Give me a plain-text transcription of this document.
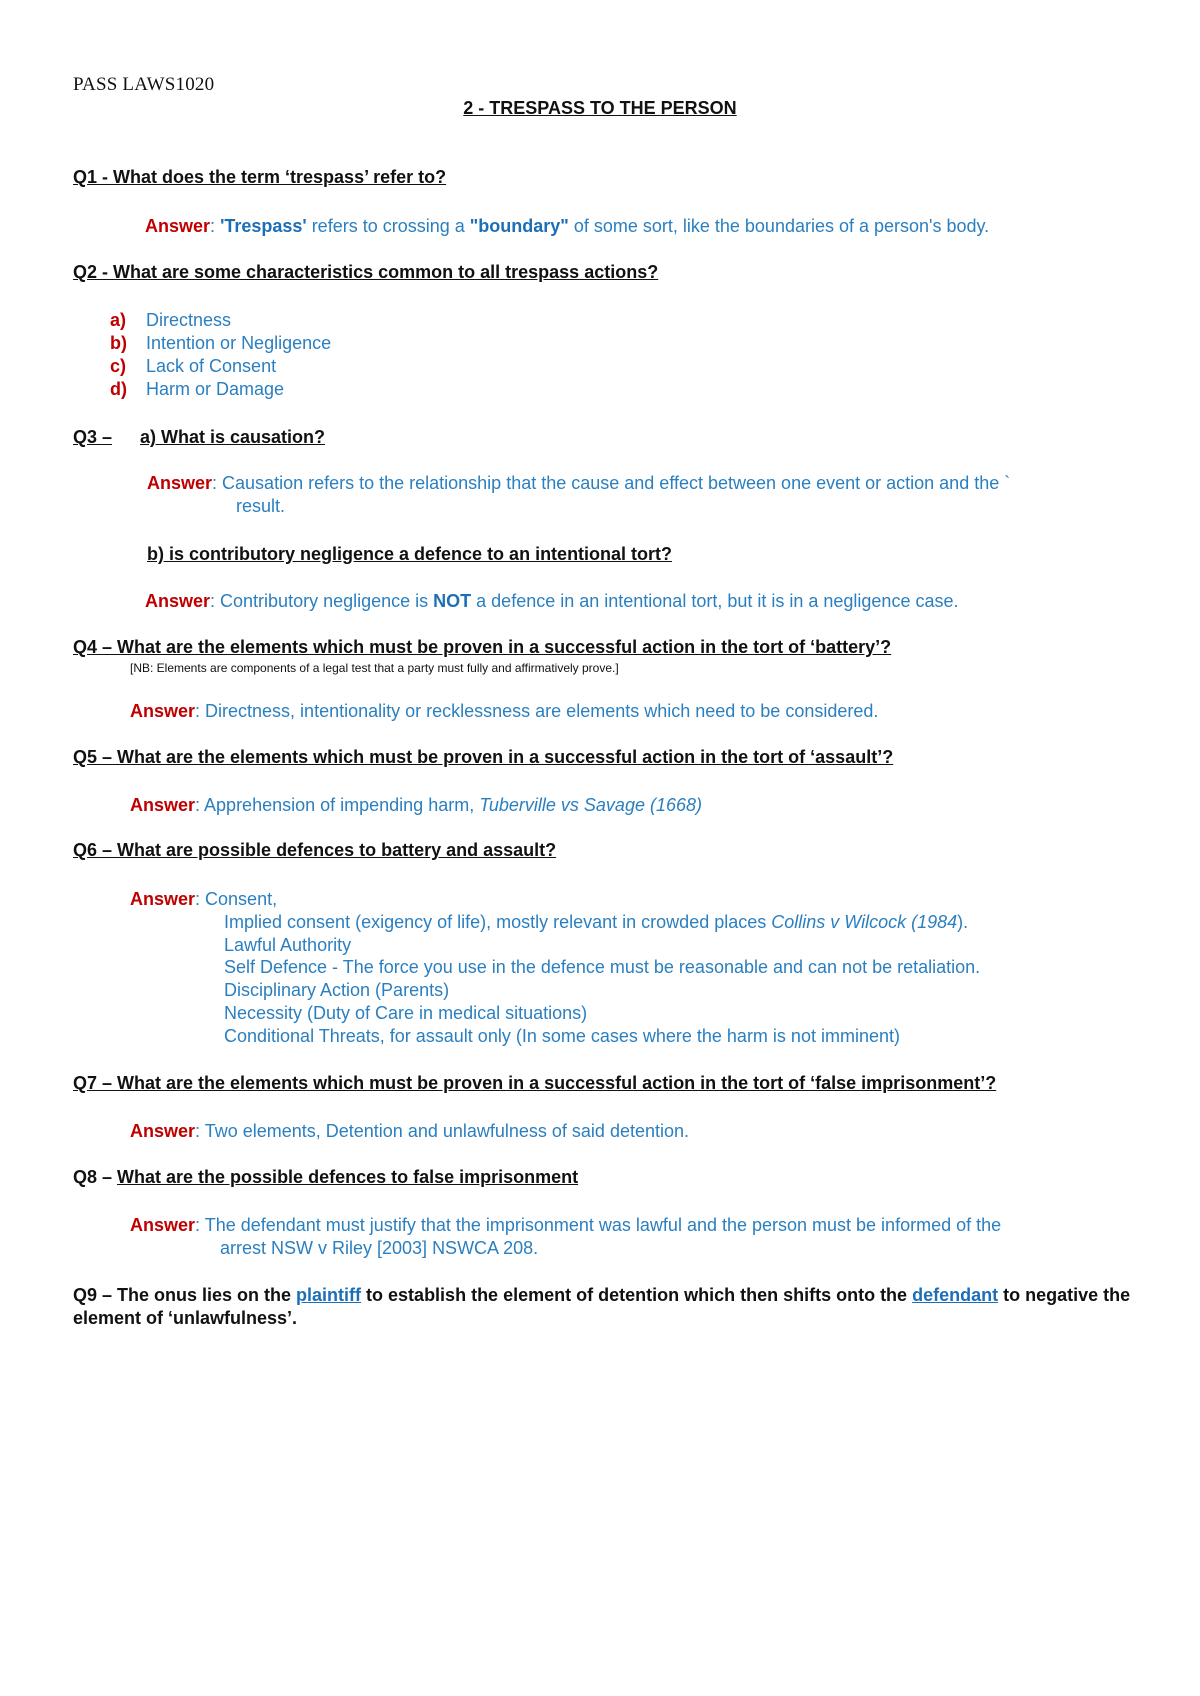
PASS LAWS1020
2 - TRESPASS TO THE PERSON
Q1 - What does the term ‘trespass’ refer to?
Answer: 'Trespass' refers to crossing a "boundary" of some sort, like the boundaries of a person's body.
Q2 - What are some characteristics common to all trespass actions?
a) Directness
b) Intention or Negligence
c) Lack of Consent
d) Harm or Damage
Q3 – a) What is causation?
Answer: Causation refers to the relationship that the cause and effect between one event or action and the `
result.
b) is contributory negligence a defence to an intentional tort?
Answer: Contributory negligence is NOT a defence in an intentional tort, but it is in a negligence case.
Q4 – What are the elements which must be proven in a successful action in the tort of ‘battery’?
[NB: Elements are components of a legal test that a party must fully and affirmatively prove.]
Answer: Directness, intentionality or recklessness are elements which need to be considered.
Q5 – What are the elements which must be proven in a successful action in the tort of ‘assault’?
Answer: Apprehension of impending harm, Tuberville vs Savage (1668)
Q6 – What are possible defences to battery and assault?
Answer: Consent,
Implied consent (exigency of life), mostly relevant in crowded places Collins v Wilcock (1984).
Lawful Authority
Self Defence - The force you use in the defence must be reasonable and can not be retaliation.
Disciplinary Action (Parents)
Necessity (Duty of Care in medical situations)
Conditional Threats, for assault only (In some cases where the harm is not imminent)
Q7 – What are the elements which must be proven in a successful action in the tort of ‘false imprisonment’?
Answer: Two elements, Detention and unlawfulness of said detention.
Q8 – What are the possible defences to false imprisonment
Answer: The defendant must justify that the imprisonment was lawful and the person must be informed of the
arrest NSW v Riley [2003] NSWCA 208.
Q9 – The onus lies on the plaintiff to establish the element of detention which then shifts onto the defendant to negative the element of ‘unlawfulness’.
